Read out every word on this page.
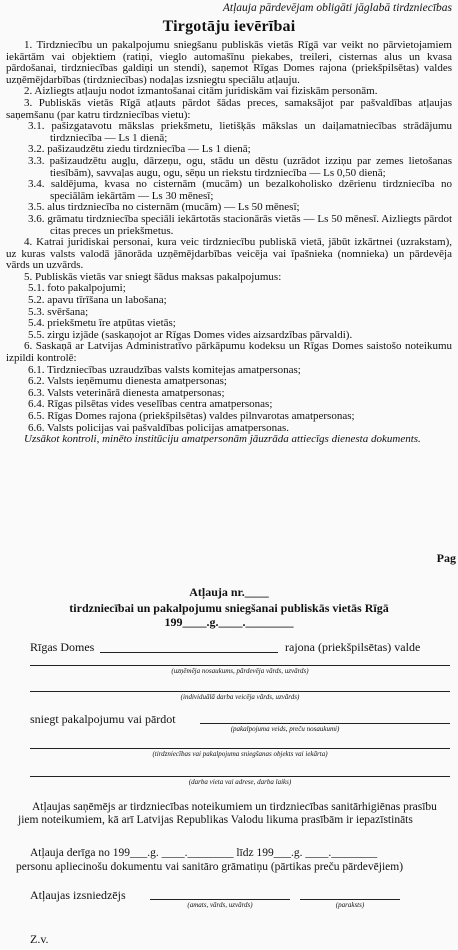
Atļauja pārdevējam obligāti jāglabā tirdzniecības

Tirgotāju ievērībai

1. Tirdzniecību un pakalpojumu sniegšanu publiskās vietās Rīgā var veikt no pārvietojamiem iekārtām vai objektiem (ratiņi, vieglo automašīnu piekabes, treileri, cisternas alus un kvasa pārdošanai, tirdzniecības galdiņi un stendi), saņemot Rīgas Domes rajona (priekšpilsētas) valdes uzņēmējdarbības (tirdzniecības) nodaļas izsniegtu speciālu atļauju.

2. Aizliegts atļauju nodot izmantošanai citām juridiskām vai fiziskām personām.

3. Publiskās vietās Rīgā atļauts pārdot šādas preces, samaksājot par pašvaldības atļaujas saņemšanu (par katru tirdzniecības vietu):

3.1. pašizgatavotu mākslas priekšmetu, lietišķās mākslas un daiļamatniecības strādājumu tirdzniecība — Ls 1 dienā;

3.2. pašizaudzētu ziedu tirdzniecība — Ls 1 dienā;

3.3. pašizaudzētu augļu, dārzeņu, ogu, stādu un dēstu (uzrādot izziņu par zemes lietošanas tiesībām), savvaļas augu, ogu, sēņu un riekstu tirdzniecība — Ls 0,50 dienā;

3.4. saldējuma, kvasa no cisternām (mucām) un bezalkoholisko dzērienu tirdzniecība no speciālām iekārtām — Ls 30 mēnesī;

3.5. alus tirdzniecība no cisternām (mucām) — Ls 50 mēnesī;

3.6. grāmatu tirdzniecība speciāli iekārtotās stacionārās vietās — Ls 50 mēnesī. Aizliegts pārdot citas preces un priekšmetus.

4. Katrai juridiskai personai, kura veic tirdzniecību publiskā vietā, jābūt izkārtnei (uzrakstam), uz kuras valsts valodā jānorāda uzņēmējdarbības veicēja vai īpašnieka (nomnieka) un pārdevēja vārds un uzvārds.

5. Publiskās vietās var sniegt šādus maksas pakalpojumus:

5.1. foto pakalpojumi;

5.2. apavu tīrīšana un labošana;

5.3. svēršana;

5.4. priekšmetu īre atpūtas vietās;

5.5. zirgu izjāde (saskaņojot ar Rīgas Domes vides aizsardzības pārvaldi).

6. Saskaņā ar Latvijas Administratīvo pārkāpumu kodeksu un Rīgas Domes saistošo noteikumu izpildi kontrolē:

6.1. Tirdzniecības uzraudzības valsts komitejas amatpersonas;

6.2. Valsts ieņēmumu dienesta amatpersonas;

6.3. Valsts veterinārā dienesta amatpersonas;

6.4. Rīgas pilsētas vides veselības centra amatpersonas;

6.5. Rīgas Domes rajona (priekšpilsētas) valdes pilnvarotas amatpersonas;

6.6. Valsts policijas vai pašvaldības policijas amatpersonas.

Uzsākot kontroli, minēto institūciju amatpersonām jāuzrāda attiecīgs dienesta dokuments.

Pag

Atļauja nr.____

tirdzniecībai un pakalpojumu sniegšanai publiskās vietās Rīgā

199____.g.____.________

Rīgas Domes	rajona (priekšpilsētas) valde

(uzņēmēja nosaukums, pārdevēja vārds, uzvārds)

(individuālā darba veicēja vārds, uzvārds)

sniegt pakalpojumu vai pārdot

(pakalpojuma veids, preču nosaukumi)

(tirdzniecības vai pakalpojuma sniegšanas objekts vai iekārta)

(darba vieta vai adrese, darba laiks)

Atļaujas saņēmējs ar tirdzniecības noteikumiem un tirdzniecības sanitārhigiēnas prasību jiem noteikumiem, kā arī Latvijas Republikas Valodu likuma prasībām ir iepazīstināts

Atļauja derīga no 199___.g. ____.________ līdz 199___.g. ____.________

personu apliecinošu dokumentu vai sanitāro grāmatiņu (pārtikas preču pārdevējiem)

Atļaujas izsniedzējs

(amats, vārds, uzvārds)	(paraksts)

Z.v.
